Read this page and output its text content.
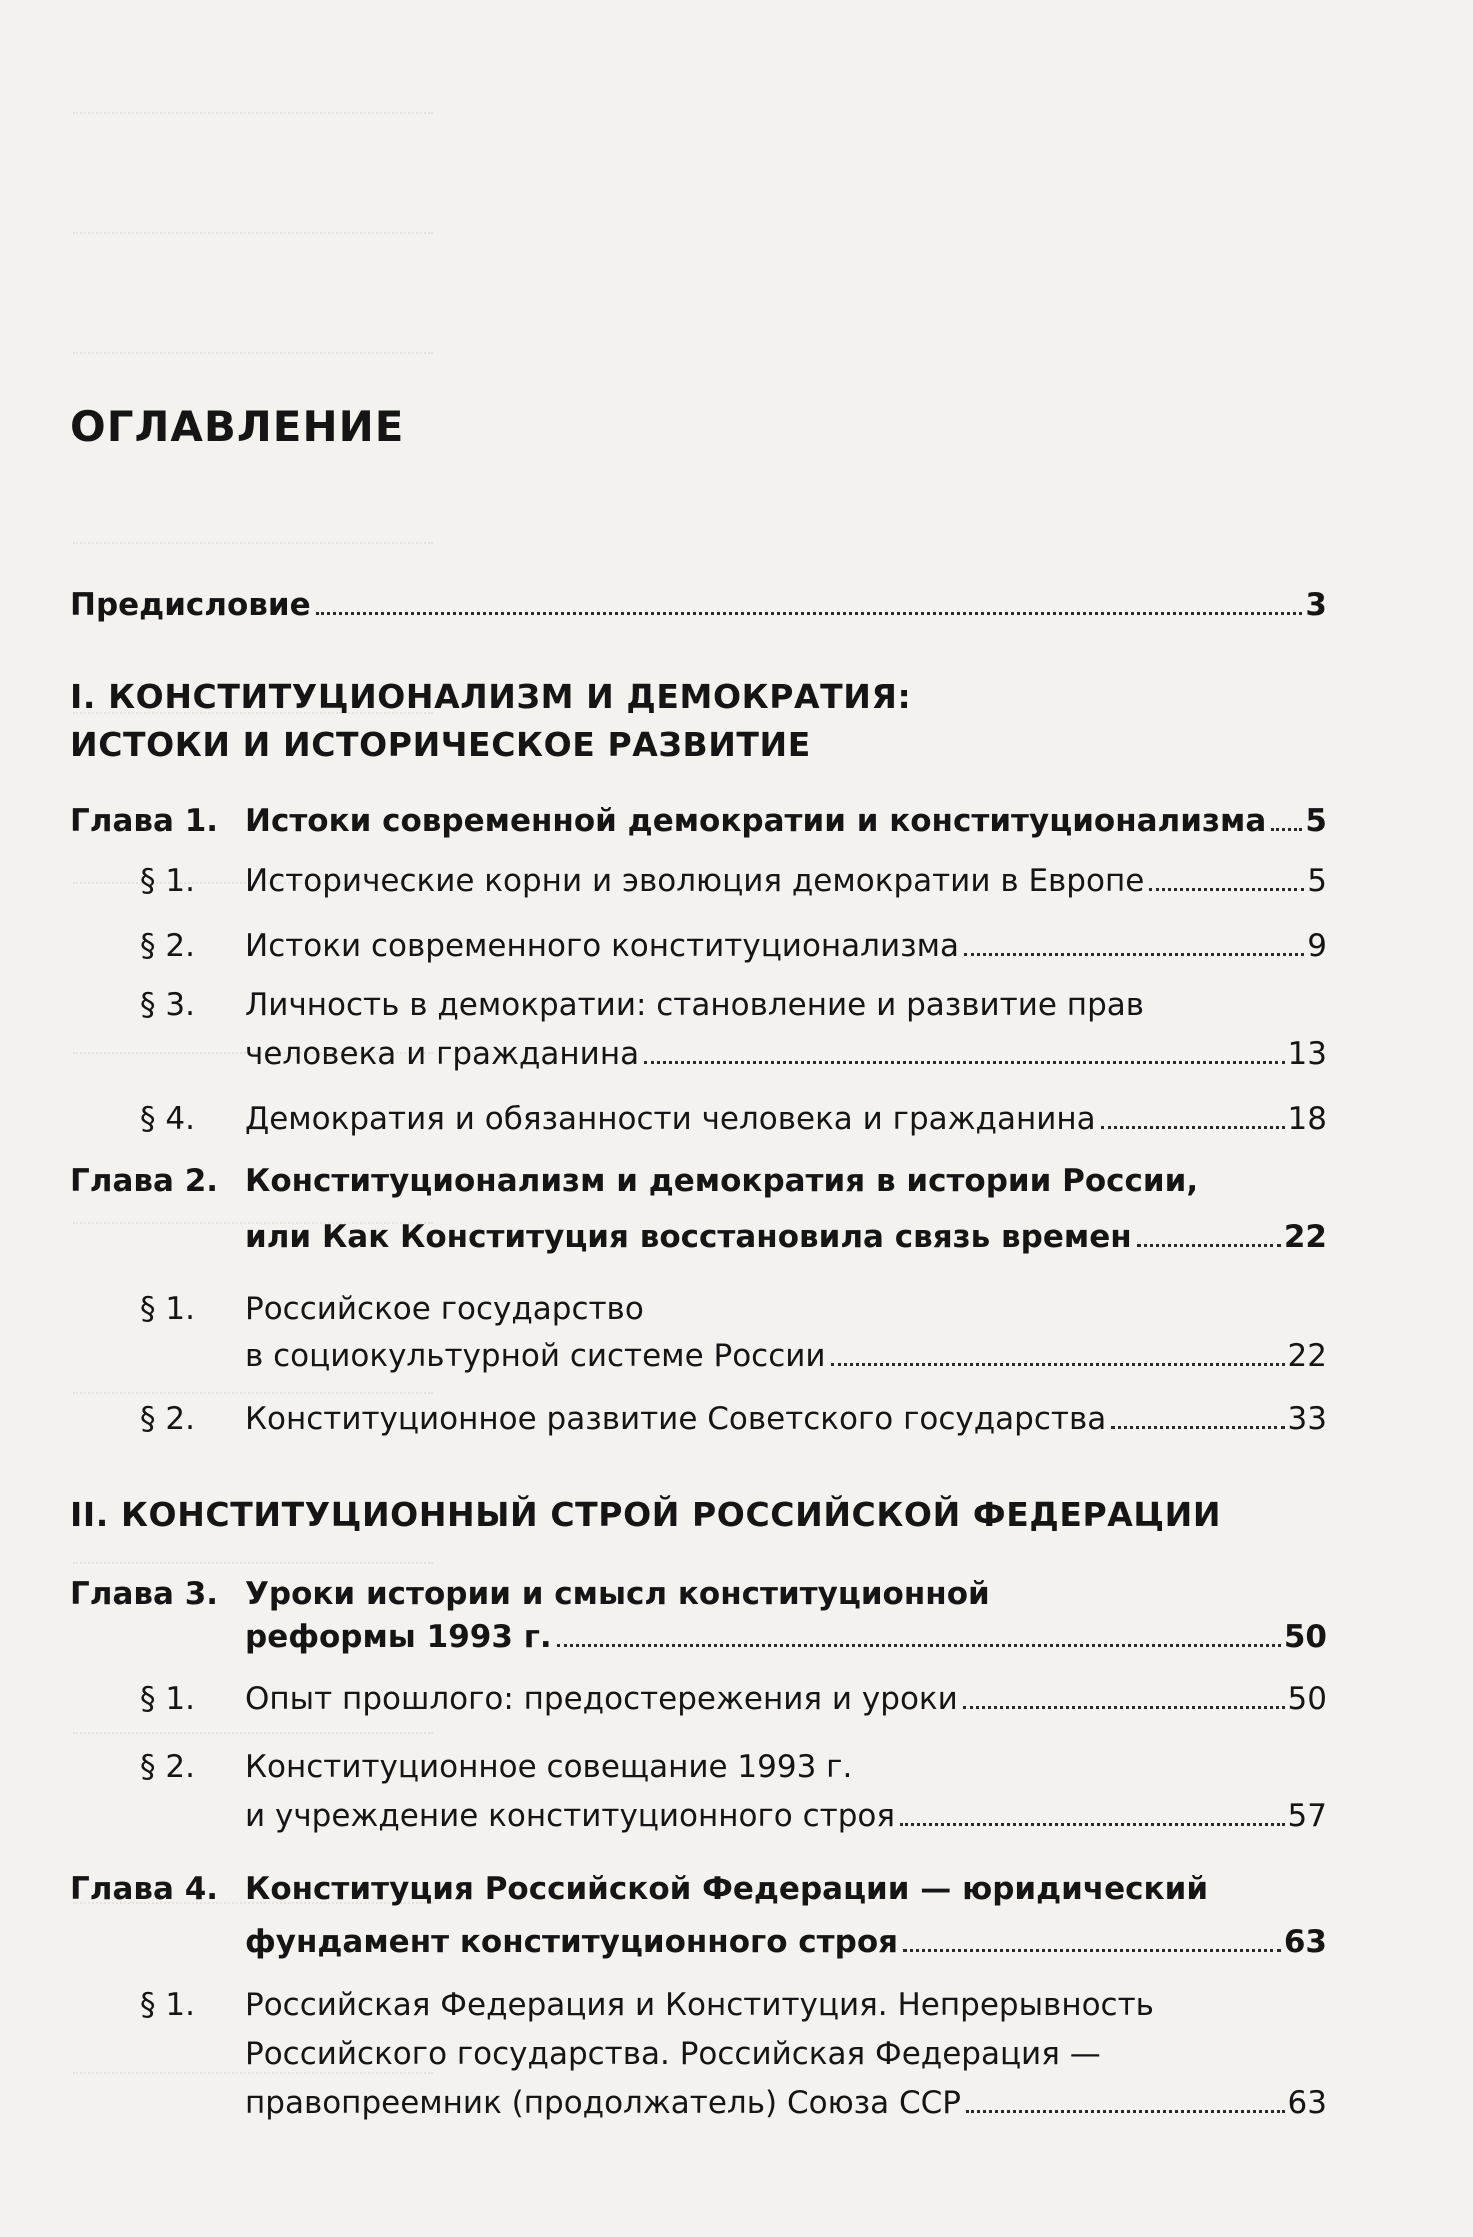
ОГЛАВЛЕНИЕ
Предисловие	3
I. КОНСТИТУЦИОНАЛИЗМ И ДЕМОКРАТИЯ:
ИСТОКИ И ИСТОРИЧЕСКОЕ РАЗВИТИЕ
Глава 1. Истоки современной демократии и конституционализма 5
§ 1. Исторические корни и эволюция демократии в Европе	5
§ 2. Истоки современного конституционализма	9
§ 3. Личность в демократии: становление и развитие прав
человека и гражданина	13
§ 4. Демократия и обязанности человека и гражданина	18
Глава 2. Конституционализм и демократия в истории России,
или Как Конституция восстановила связь времен	22
§ 1. Российское государство
в социокультурной системе России	22
§ 2. Конституционное развитие Советского государства	33
II. КОНСТИТУЦИОННЫЙ СТРОЙ РОССИЙСКОЙ ФЕДЕРАЦИИ
Глава 3. Уроки истории и смысл конституционной
реформы 1993 г.	50
§ 1. Опыт прошлого: предостережения и уроки	50
§ 2. Конституционное совещание 1993 г.
и учреждение конституционного строя	57
Глава 4. Конституция Российской Федерации — юридический
фундамент конституционного строя	63
§ 1. Российская Федерация и Конституция. Непрерывность
Российского государства. Российская Федерация —
правопреемник (продолжатель) Союза ССР	63
